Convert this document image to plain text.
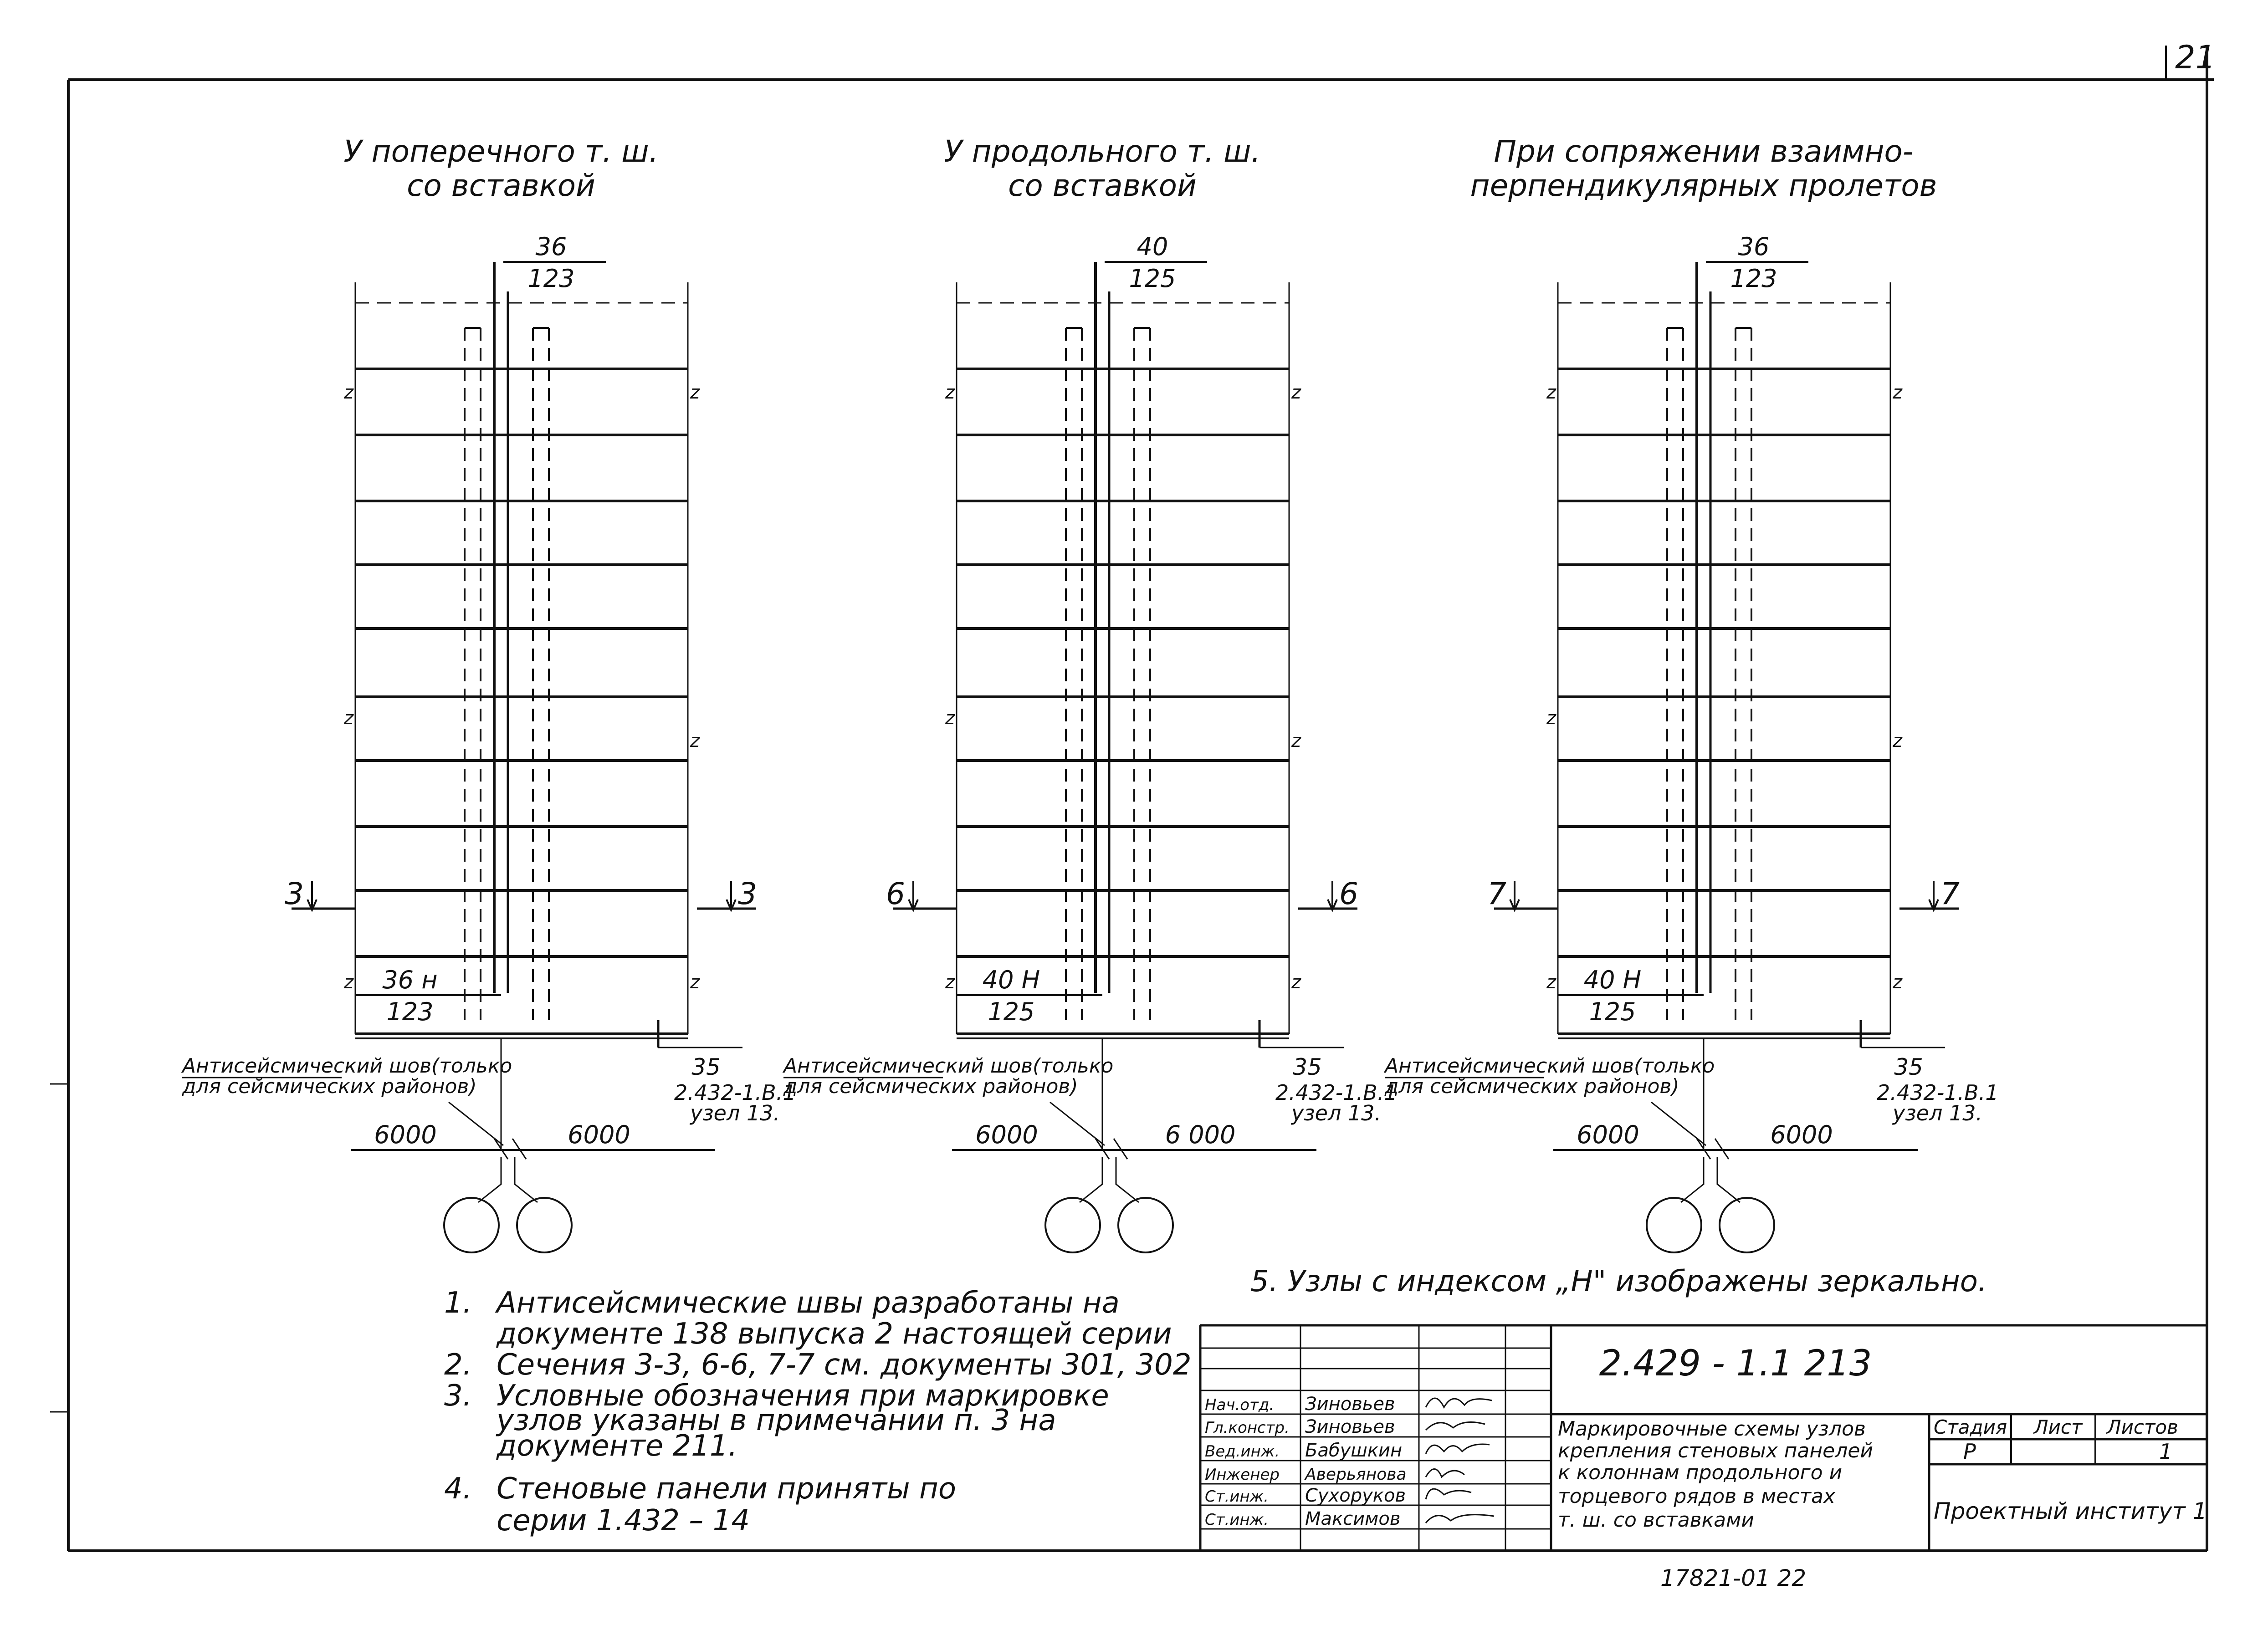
21
У поперечного т. ш.
со вставкой
36
123
z	z
z
z
z	z
3	3
36 н
123
Антисейсмический шов(только
для сейсмических районов)
35
2.432-1.В.1
узел 13.
6000	6000
У продольного т. ш.
со вставкой
40
125
z	z
z
z
z	z
6	6
40 Н
125
Антисейсмический шов(только
для сейсмических районов)
35
2.432-1.В.1
узел 13.
6000	6 000
При сопряжении взаимно-
перпендикулярных пролетов
36
123
z	z
z
z
z	z
7	7
40 Н
125
Антисейсмический шов(только
для сейсмических районов)
35
2.432-1.В.1
узел 13.
6000	6000
1. Антисейсмические швы разработаны на
документе 138 выпуска 2 настоящей серии
2. Сечения 3-3, 6-6, 7-7 см. документы 301, 302
3. Условные обозначения при маркировке
узлов указаны в примечании п. 3 на
документе 211.
4. Стеновые панели приняты по
серии 1.432 – 14
5. Узлы с индексом „Н" изображены зеркально.
2.429 - 1.1 213
Маркировочные схемы узлов
крепления стеновых панелей
к колоннам продольного и
торцевого рядов в местах
т. ш. со вставками
Стадия Лист Листов
Р	1
Проектный институт 1
Нач.отд. Зиновьев
Гл.констр. Зиновьев
Вед.инж. Бабушкин
Инженер Аверьянова
Ст.инж. Сухоруков
Ст.инж. Максимов
17821-01 22
